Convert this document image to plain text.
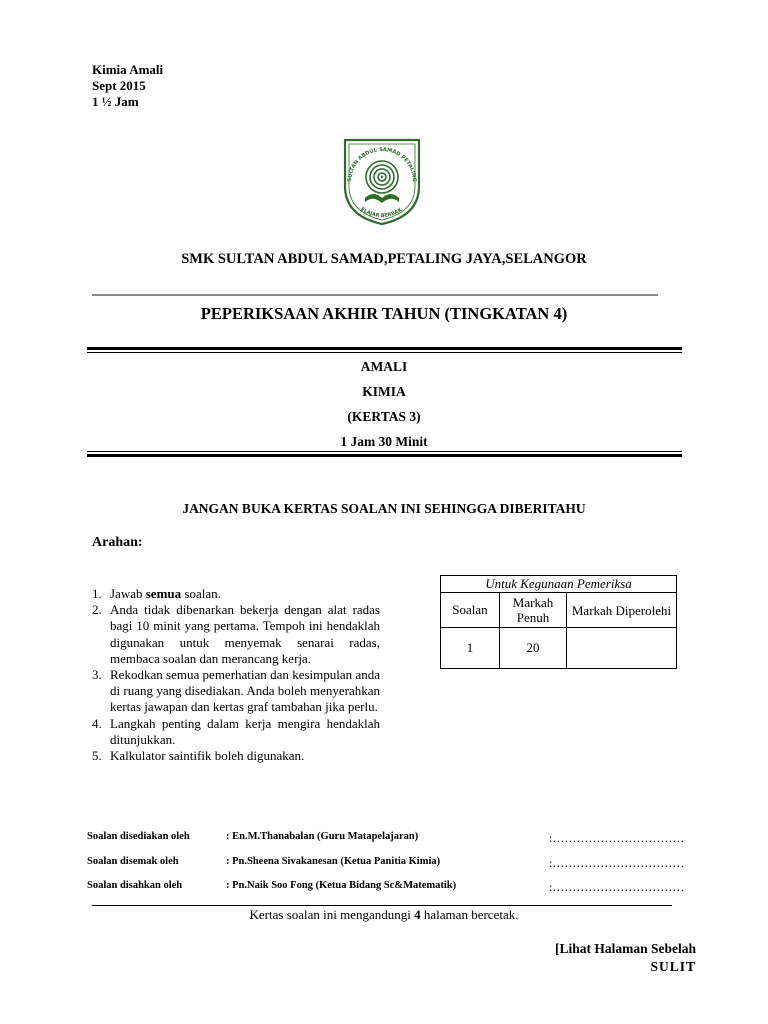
Kimia Amali
Sept 2015
1 ½ Jam
SULTAN ABDUL SAMAD PETALING
ELAJAR BERBAK
SMK SULTAN ABDUL SAMAD,PETALING JAYA,SELANGOR
PEPERIKSAAN AKHIR TAHUN (TINGKATAN 4)
AMALI
KIMIA
(KERTAS 3)
1 Jam 30 Minit
JANGAN BUKA KERTAS SOALAN INI SEHINGGA DIBERITAHU
Arahan:
1. Jawab semua soalan.
2. Anda tidak dibenarkan bekerja dengan alat radas bagi 10 minit yang pertama. Tempoh ini hendaklah digunakan untuk menyemak senarai radas, membaca soalan dan merancang kerja.
3. Rekodkan semua pemerhatian dan kesimpulan anda di ruang yang disediakan. Anda boleh menyerahkan kertas jawapan dan kertas graf tambahan jika perlu.
4. Langkah penting dalam kerja mengira hendaklah ditunjukkan.
5. Kalkulator saintifik boleh digunakan.
Untuk Kegunaan Pemeriksa		
Soalan	Markah Penuh	Markah Diperolehi
1	20	
Soalan disediakan oleh	: En.M.Thanabalan (Guru Matapelajaran)	:……………………………
Soalan disemak oleh	: Pn.Sheena Sivakanesan (Ketua Panitia Kimia)	:……………………………
Soalan disahkan oleh	: Pn.Naik Soo Fong (Ketua Bidang Sc&Matematik)	:……………………………
Kertas soalan ini mengandungi 4 halaman bercetak.
[Lihat Halaman Sebelah
SULIT
